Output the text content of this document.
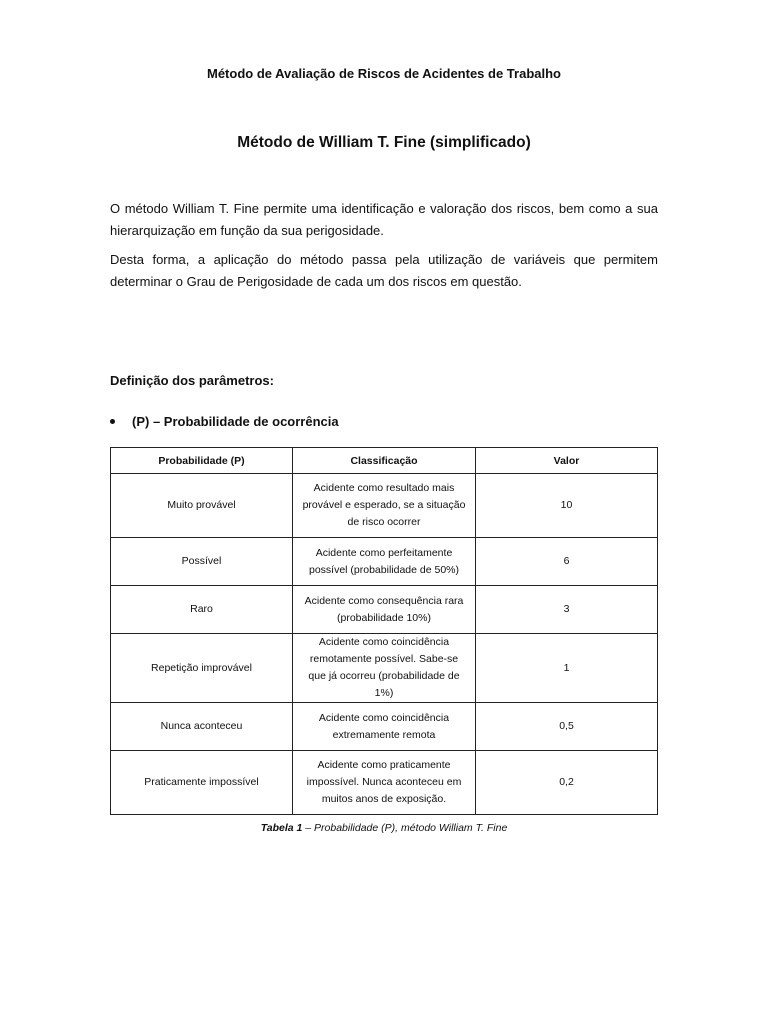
Método de Avaliação de Riscos de Acidentes de Trabalho
Método de William T. Fine (simplificado)
O método William T. Fine permite uma identificação e valoração dos riscos, bem como a sua hierarquização em função da sua perigosidade.
Desta forma, a aplicação do método passa pela utilização de variáveis que permitem determinar o Grau de Perigosidade de cada um dos riscos em questão.
Definição dos parâmetros:
(P) – Probabilidade de ocorrência
Probabilidade (P)	Classificação	Valor
Muito provável	Acidente como resultado mais provável e esperado, se a situação de risco ocorrer	10
Possível	Acidente como perfeitamente possível (probabilidade de 50%)	6
Raro	Acidente como consequência rara (probabilidade 10%)	3
Repetição improvável	Acidente como coincidência remotamente possível. Sabe-se que já ocorreu (probabilidade de 1%)	1
Nunca aconteceu	Acidente como coincidência extremamente remota	0,5
Praticamente impossível	Acidente como praticamente impossível. Nunca aconteceu em muitos anos de exposição.	0,2
Tabela 1 – Probabilidade (P), método William T. Fine
